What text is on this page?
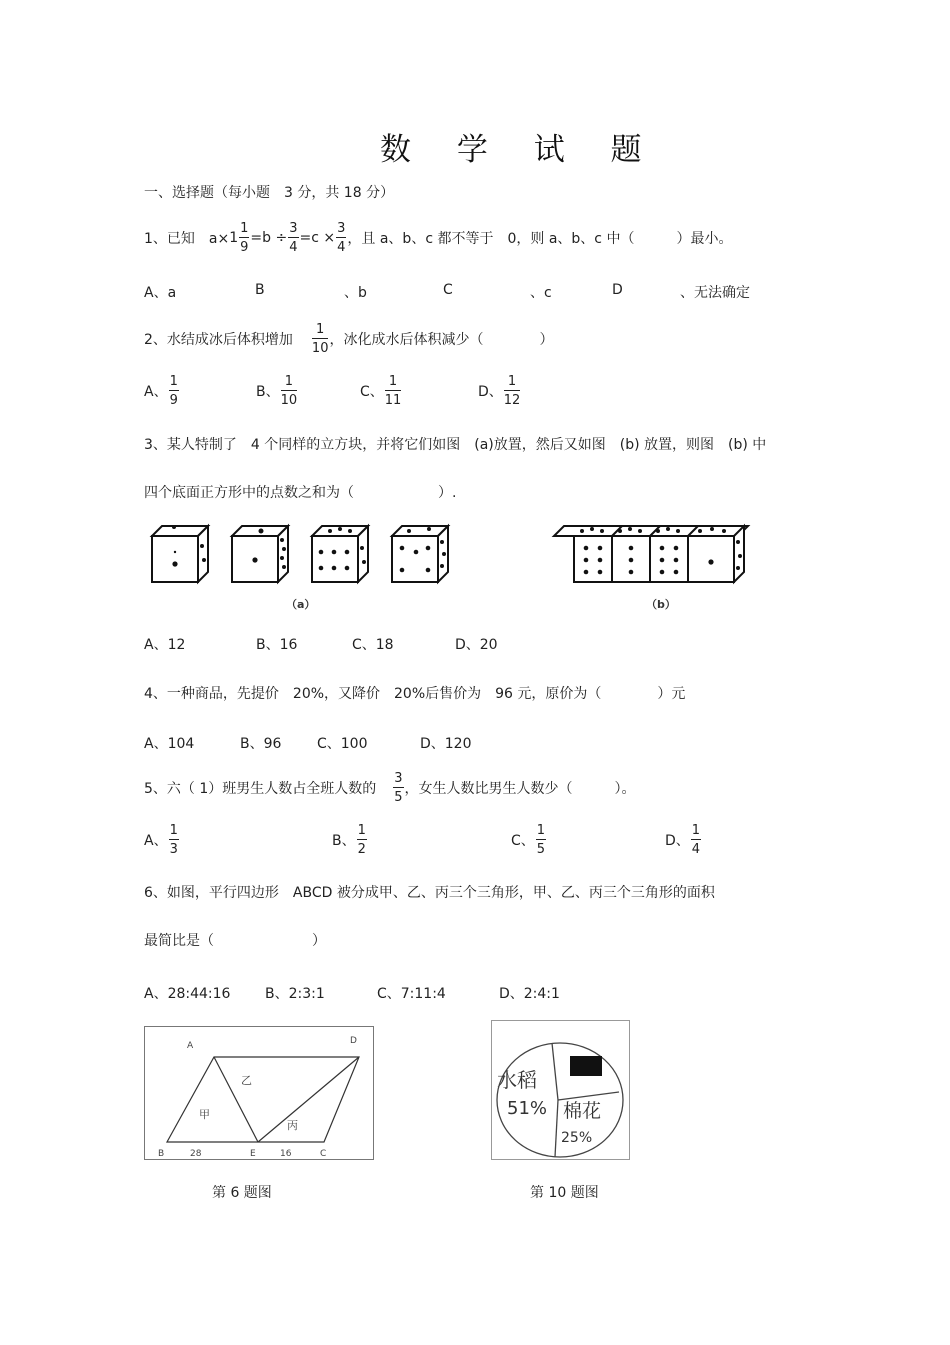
数 学 试 题
一、选择题（每小题　3 分，共 18 分）
1、已知　$a\times 1 \frac{1}{9} =b \div \frac{3}{4} =c \times \frac{3}{4}$ ，且 a、b、c 都不等于　0，则 a、b、c 中（　　　）最小。
A、a	B	、b	C	、c	D	、无法确定
2、水结成冰后体积增加 $\frac{1}{10}$ ，冰化成水后体积减少（　　　　）
A、 $\frac{1}{9}$	B、 $\frac{1}{10}$	C、 $\frac{1}{11}$	D、 $\frac{1}{12}$
3、某人特制了　4 个同样的立方块，并将它们如图　(a)放置，然后又如图　(b) 放置，则图　(b) 中
四个底面正方形中的点数之和为（　　　　　　）.
（a）	（b）
A、12	B、16	C、18	D、20
4、一种商品，先提价　20%，又降价　20%后售价为　96 元，原价为（　　　　）元
A、104	B、96	C、100	D、120
5、六（ 1）班男生人数占全班人数的 $\frac{3}{5}$ ，女生人数比男生人数少（　　　）。
A、 $\frac{1}{3}$	B、 $\frac{1}{2}$	C、 $\frac{1}{5}$	D、 $\frac{1}{4}$
6、如图，平行四边形　ABCD 被分成甲、乙、丙三个三角形，甲、乙、丙三个三角形的面积
最简比是（　　　　　　　）
A、28:44:16 B、2:3:1	C、7:11:4	D、2:4:1
A	D
B	E	C
28	16
甲
乙
丙
第 6 题图
水稻
51% 棉花
25%
第 10 题图
